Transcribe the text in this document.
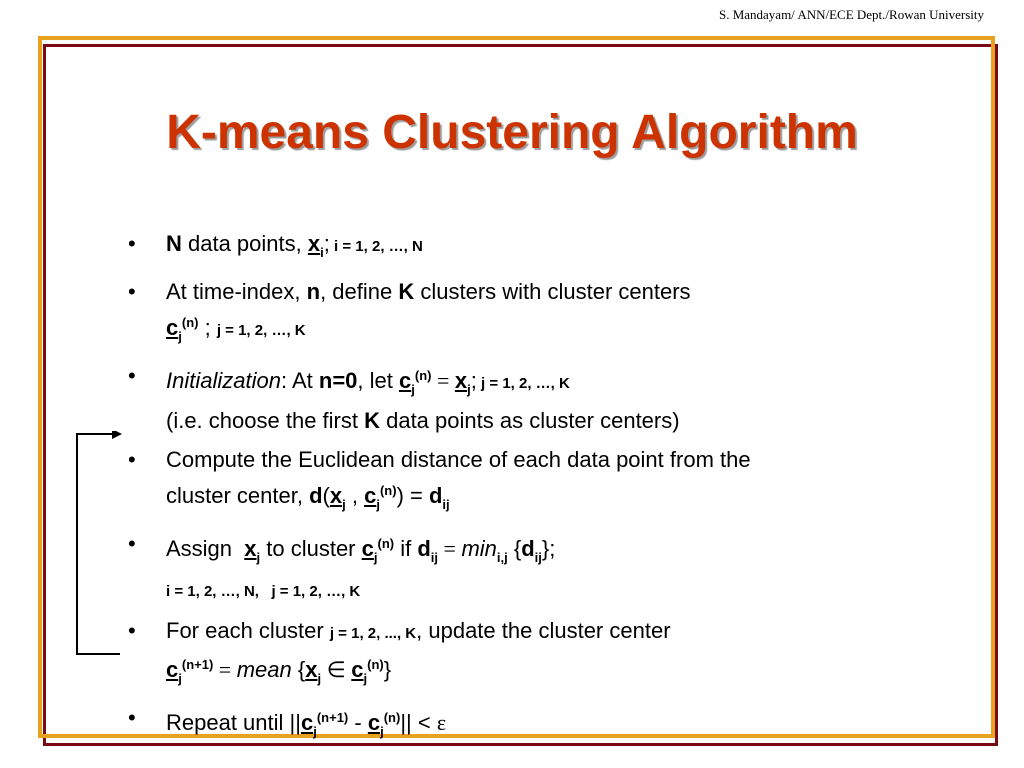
S. Mandayam/ ANN/ECE Dept./Rowan University
K-means Clustering Algorithm
•	N data points, $x_i$; i = 1, 2, …, N
•	At time-index, n, define K clusters with cluster centers
$c_j^{(n)}$ ; j = 1, 2, …, K
•	Initialization: At n=0, let $c_j^{(n)} = x_j$; j = 1, 2, …, K
(i.e. choose the first K data points as cluster centers)
•	Compute the Euclidean distance of each data point from the
cluster center, $d(x_j$ , $c_j^{(n)}) = d_{ij}$
•	Assign  $x_j$ to cluster $c_j^{(n)}$ if $d_{ij} = \min_{i,j} \{d_{ij}\}$;
i = 1, 2, …, N,   j = 1, 2, …, K
•	For each cluster j = 1, 2, ..., K, update the cluster center
$c_j^{(n+1)}$ = mean {$x_j$ ∈ $c_j^{(n)}$}
•	Repeat until $||c_j^{(n+1)} - c_j^{(n)}|| < \varepsilon$
